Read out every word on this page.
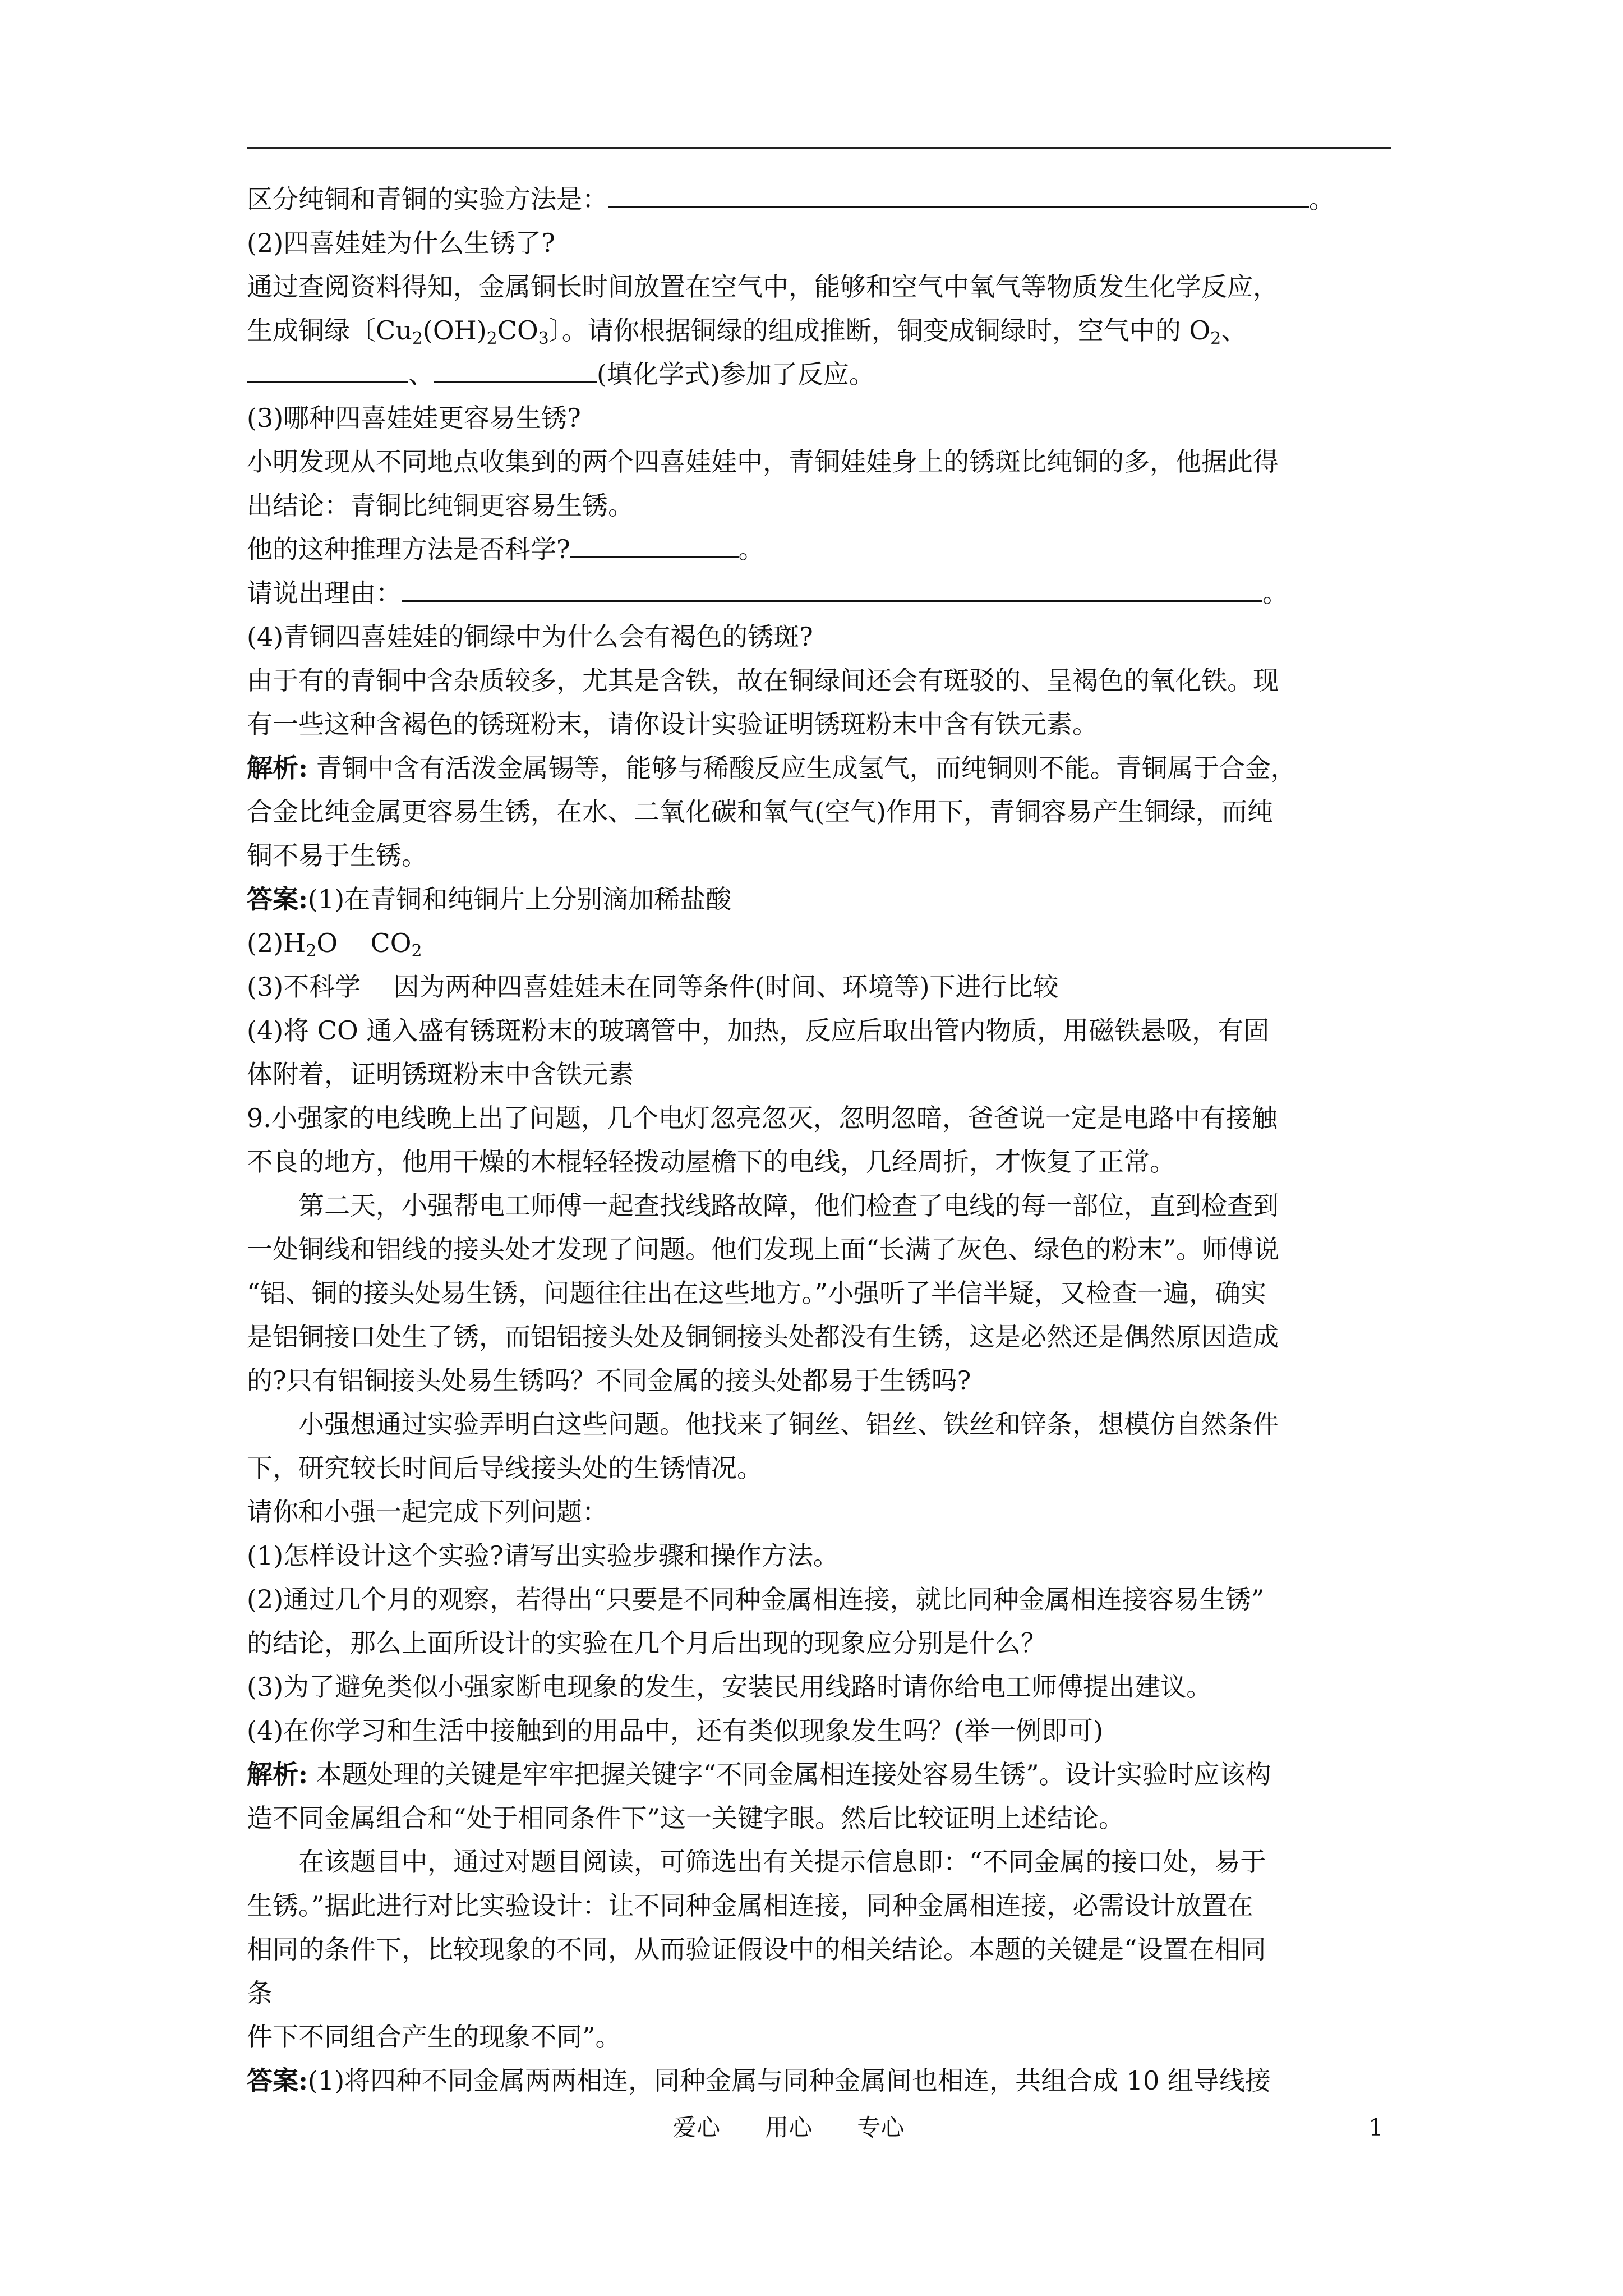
区分纯铜和青铜的实验方法是：	。
(2)四喜娃娃为什么生锈了?
通过查阅资料得知，金属铜长时间放置在空气中，能够和空气中氧气等物质发生化学反应，
生成铜绿〔$Cu_2(OH)_2CO_3$〕。请你根据铜绿的组成推断，铜变成铜绿时，空气中的 $O_2$、
、	(填化学式)参加了反应。
(3)哪种四喜娃娃更容易生锈?
小明发现从不同地点收集到的两个四喜娃娃中，青铜娃娃身上的锈斑比纯铜的多，他据此得
出结论：青铜比纯铜更容易生锈。
他的这种推理方法是否科学?	。
请说出理由：	。
(4)青铜四喜娃娃的铜绿中为什么会有褐色的锈斑?
由于有的青铜中含杂质较多，尤其是含铁，故在铜绿间还会有斑驳的、呈褐色的氧化铁。现
有一些这种含褐色的锈斑粉末，请你设计实验证明锈斑粉末中含有铁元素。
解析: 青铜中含有活泼金属锡等，能够与稀酸反应生成氢气，而纯铜则不能。青铜属于合金，
合金比纯金属更容易生锈，在水、二氧化碳和氧气(空气)作用下，青铜容易产生铜绿，而纯
铜不易于生锈。
答案:(1)在青铜和纯铜片上分别滴加稀盐酸
$(2)H_2O$    $CO_2$
(3)不科学    因为两种四喜娃娃未在同等条件(时间、环境等)下进行比较
(4)将 CO 通入盛有锈斑粉末的玻璃管中，加热，反应后取出管内物质，用磁铁悬吸，有固
体附着，证明锈斑粉末中含铁元素
9.小强家的电线晚上出了问题，几个电灯忽亮忽灭，忽明忽暗，爸爸说一定是电路中有接触
不良的地方，他用干燥的木棍轻轻拨动屋檐下的电线，几经周折，才恢复了正常。
第二天，小强帮电工师傅一起查找线路故障，他们检查了电线的每一部位，直到检查到
一处铜线和铝线的接头处才发现了问题。他们发现上面“长满了灰色、绿色的粉末”。师傅说
“铝、铜的接头处易生锈，问题往往出在这些地方。”小强听了半信半疑，又检查一遍，确实
是铝铜接口处生了锈，而铝铝接头处及铜铜接头处都没有生锈，这是必然还是偶然原因造成
的?只有铝铜接头处易生锈吗？不同金属的接头处都易于生锈吗?
小强想通过实验弄明白这些问题。他找来了铜丝、铝丝、铁丝和锌条，想模仿自然条件
下，研究较长时间后导线接头处的生锈情况。
请你和小强一起完成下列问题：
(1)怎样设计这个实验?请写出实验步骤和操作方法。
(2)通过几个月的观察，若得出“只要是不同种金属相连接，就比同种金属相连接容易生锈”
的结论，那么上面所设计的实验在几个月后出现的现象应分别是什么？
(3)为了避免类似小强家断电现象的发生，安装民用线路时请你给电工师傅提出建议。
(4)在你学习和生活中接触到的用品中，还有类似现象发生吗？(举一例即可)
解析: 本题处理的关键是牢牢把握关键字“不同金属相连接处容易生锈”。设计实验时应该构
造不同金属组合和“处于相同条件下”这一关键字眼。然后比较证明上述结论。
在该题目中，通过对题目阅读，可筛选出有关提示信息即：“不同金属的接口处，易于
生锈。”据此进行对比实验设计：让不同种金属相连接，同种金属相连接，必需设计放置在
相同的条件下，比较现象的不同，从而验证假设中的相关结论。本题的关键是“设置在相同
条
件下不同组合产生的现象不同”。
答案:(1)将四种不同金属两两相连，同种金属与同种金属间也相连，共组合成 10 组导线接
爱心      用心      专心	1
